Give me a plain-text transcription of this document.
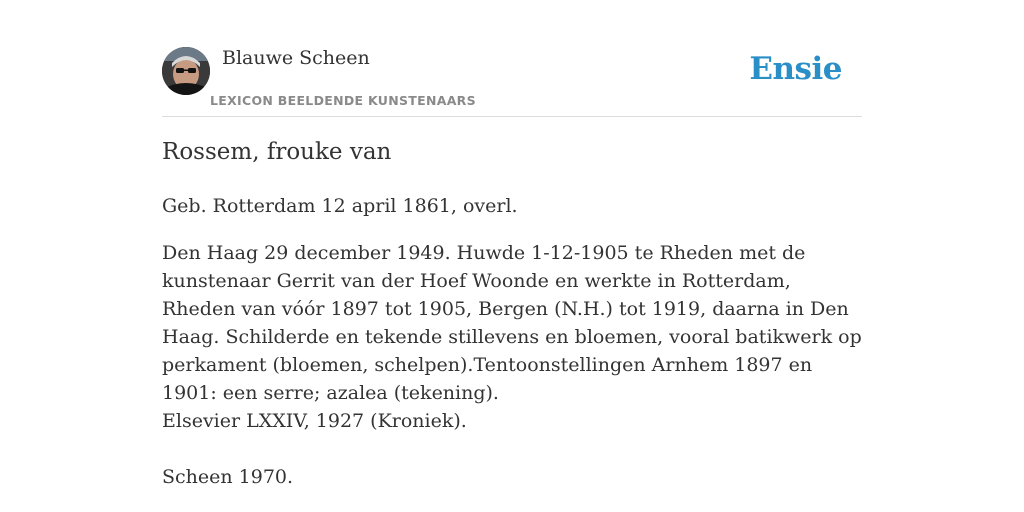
Blauwe Scheen
LEXICON BEELDENDE KUNSTENAARS
Ensie
Rossem, frouke van

Geb. Rotterdam 12 april 1861, overl.

Den Haag 29 december 1949. Huwde 1-12-1905 te Rheden met de kunstenaar Gerrit van der Hoef Woonde en werkte in Rotterdam, Rheden van vóór 1897 tot 1905, Bergen (N.H.) tot 1919, daarna in Den Haag. Schilderde en tekende stillevens en bloemen, vooral batikwerk op perkament (bloemen, schelpen).Tentoonstellingen Arnhem 1897 en 1901: een serre; azalea (tekening).

Elsevier LXXIV, 1927 (Kroniek).

Scheen 1970.
